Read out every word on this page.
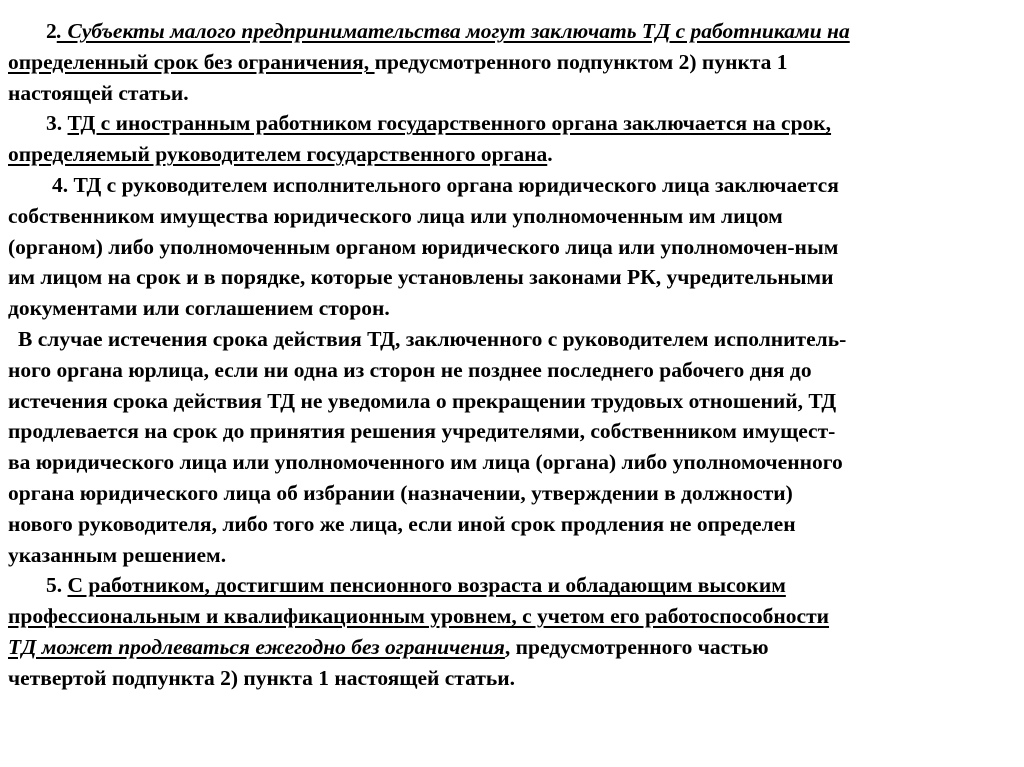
2. Субъекты малого предпринимательства могут заключать ТД с работниками на
определенный срок без ограничения, предусмотренного подпунктом 2) пункта 1
настоящей статьи.
3. ТД с иностранным работником государственного органа заключается на срок,
определяемый руководителем государственного органа.
4. ТД с руководителем исполнительного органа юридического лица заключается
собственником имущества юридического лица или уполномоченным им лицом
(органом) либо уполномоченным органом юридического лица или уполномочен-ным
им лицом на срок и в порядке, которые установлены законами РК, учредительными
документами или соглашением сторон.
В случае истечения срока действия ТД, заключенного с руководителем исполнитель-
ного органа юрлица, если ни одна из сторон не позднее последнего рабочего дня до
истечения срока действия ТД не уведомила о прекращении трудовых отношений, ТД
продлевается на срок до принятия решения учредителями, собственником имущест-
ва юридического лица или уполномоченного им лица (органа) либо уполномоченного
органа юридического лица об избрании (назначении, утверждении в должности)
нового руководителя, либо того же лица, если иной срок продления не определен
указанным решением.
5. С работником, достигшим пенсионного возраста и обладающим высоким
профессиональным и квалификационным уровнем, с учетом его работоспособности
ТД может продлеваться ежегодно без ограничения, предусмотренного частью
четвертой подпункта 2) пункта 1 настоящей статьи.
